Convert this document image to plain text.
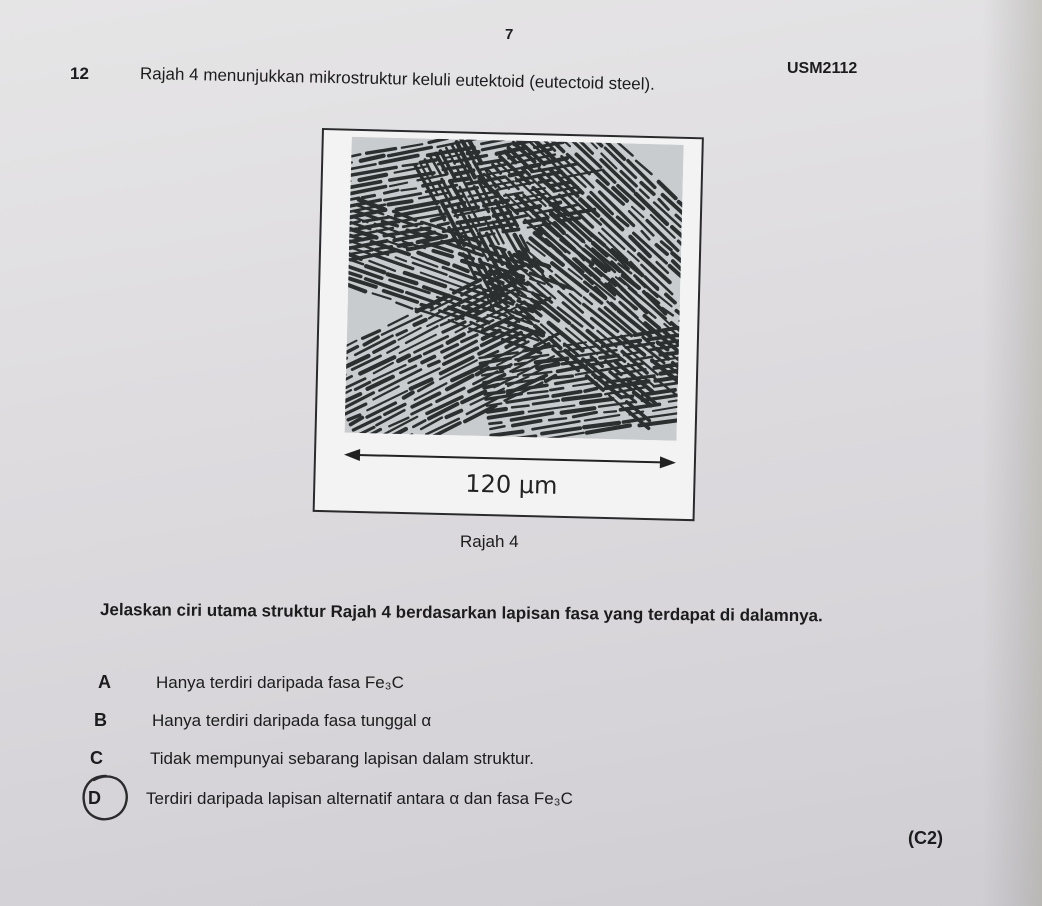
7
USM2112
12	Rajah 4 menunjukkan mikrostruktur keluli eutektoid (eutectoid steel).
120 µm
Rajah 4
Jelaskan ciri utama struktur Rajah 4 berdasarkan lapisan fasa yang terdapat di dalamnya.
A	Hanya terdiri daripada fasa Fe₃C
B	Hanya terdiri daripada fasa tunggal α
C	Tidak mempunyai sebarang lapisan dalam struktur.
D	Terdiri daripada lapisan alternatif antara α dan fasa Fe₃C
(C2)
